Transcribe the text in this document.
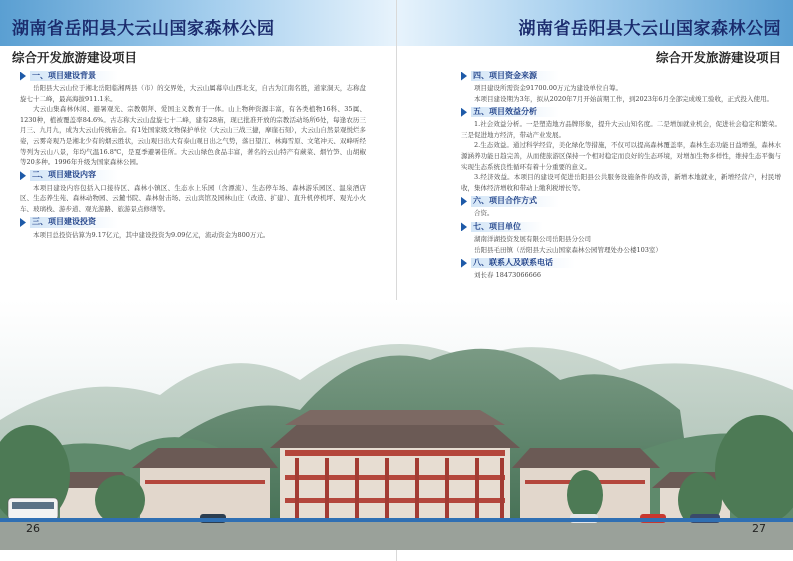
湖南省岳阳县大云山国家森林公园
综合开发旅游建设项目
一、项目建设背景

岳阳县大云山位于湘北岳阳临湘两县（市）的交界处，大云山属幕阜山西北支，自古为江南名胜，道家洞天，志称盘旋七十二峰，最高海拔911.1米。

大云山集森林休闲、避暑观光、宗教朝拜、爱国主义教育于一体。山上物种资源丰富，有各类植物16科、35属、1230种，植被覆盖率84.6%。古志称大云山盘旋七十二峰，建有28庙，现已批准开放的宗教活动场所6处，每逢农历三月三、九月九，成为大云山传统庙会。有1处国家级文物保护单位（大云山三战三捷，摩崖石刻），大云山自然景观悦烂多姿，云雾奇观乃是湘北少有的烟云胜状，云山观日出大有泰山观日出之气势，落日望江、林海雪原、文笔冲天、双峰听经等列为云山八景，年均气温16.8℃，是夏季避暑佳所。大云山绿色食品丰富，著名的云山特产有蕨菜、烟竹笋、山胡椒等20多种。1996年升级为国家森林公园。

二、项目建设内容

本项目建设内容包括入口接待区、森林小镇区、生态水上乐园（含漂流）、生态停车场、森林游乐园区、温泉酒店区、生态养生苑、森林动物园、云麓书院、森林射击场、云山宾馆及园林山庄（改造、扩建）、直升机停机坪、观光小火车、玻璃栈、游步道、观光游路、旅游景点修缮等。

三、项目建设投资

本项目总投资估算为9.17亿元，其中建设投资为9.09亿元，流动资金为800万元。

湖南省岳阳县大云山国家森林公园
综合开发旅游建设项目
四、项目资金来源

项目建设所需资金91700.00万元为建设单位自筹。

本项目建设期为3年，拟从2020年7月开始前期工作，到2023年6月全部完成竣工验收，正式投入使用。

五、项目效益分析

1.社会效益分析。一是塑造地方品牌形象，提升大云山知名度。二是增加就业机会，促进社会稳定和繁荣。三是促进地方经济，带动产业发展。

2.生态效益。通过科学经营，美化绿化等措施，不仅可以提高森林覆盖率，森林生态功能日益增强，森林水源涵养功能日趋完善，从而使旅游区保持一个相对稳定而良好的生态环境，对增加生物多样性，维持生态平衡与实现生态系统良性循环有着十分重要的意义。

3.经济效益。本项目的建设可促进岳阳县公共服务设施条件的改善，新增本地就业，新增经营户，村民增收，集体经济增收和带动上缴利税增长等。

六、项目合作方式

合资。

七、项目单位

湖南洋湖投资发展有限公司岳阳县分公司

岳阳县毛田镇（岳阳县大云山国家森林公园管理处办公楼103室）

八、联系人及联系电话

刘长春 18473066666

26	27
